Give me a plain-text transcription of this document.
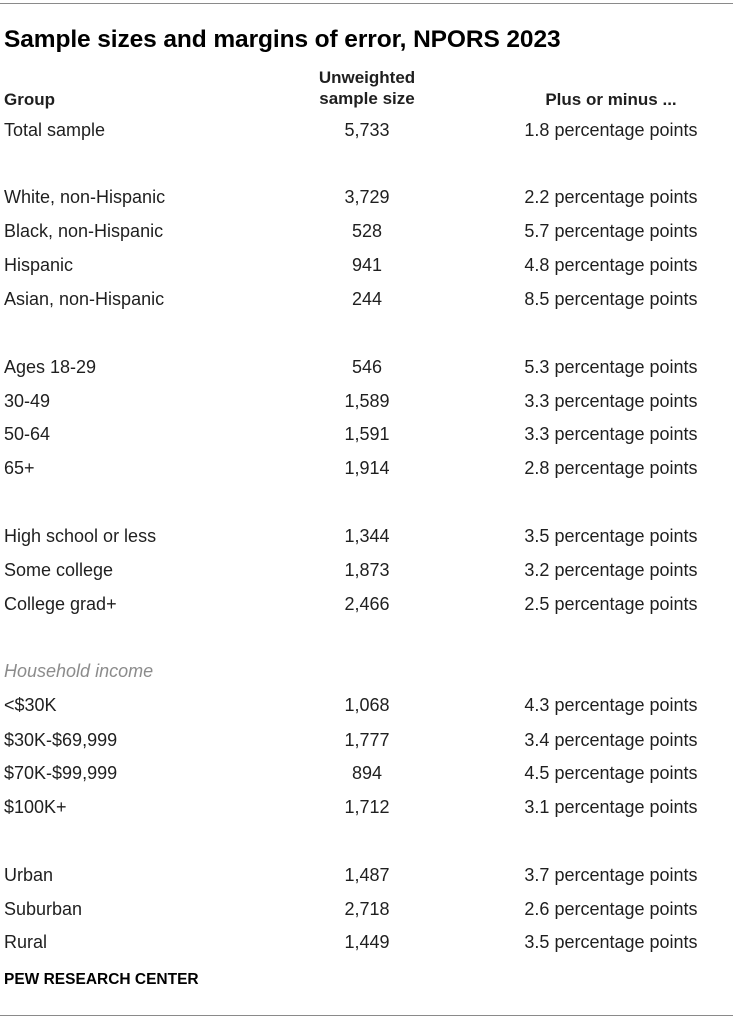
Sample sizes and margins of error, NPORS 2023
Group
Unweighted
sample size	Plus or minus ...
Total sample	5,733	1.8 percentage points
White, non-Hispanic	3,729	2.2 percentage points
Black, non-Hispanic	528	5.7 percentage points
Hispanic	941	4.8 percentage points
Asian, non-Hispanic	244	8.5 percentage points
Ages 18-29	546	5.3 percentage points
30-49	1,589	3.3 percentage points
50-64	1,591	3.3 percentage points
65+	1,914	2.8 percentage points
High school or less	1,344	3.5 percentage points
Some college	1,873	3.2 percentage points
College grad+	2,466	2.5 percentage points
Household income
<$30K	1,068	4.3 percentage points
$30K-$69,999	1,777	3.4 percentage points
$70K-$99,999	894	4.5 percentage points
$100K+	1,712	3.1 percentage points
Urban	1,487	3.7 percentage points
Suburban	2,718	2.6 percentage points
Rural	1,449	3.5 percentage points
PEW RESEARCH CENTER
